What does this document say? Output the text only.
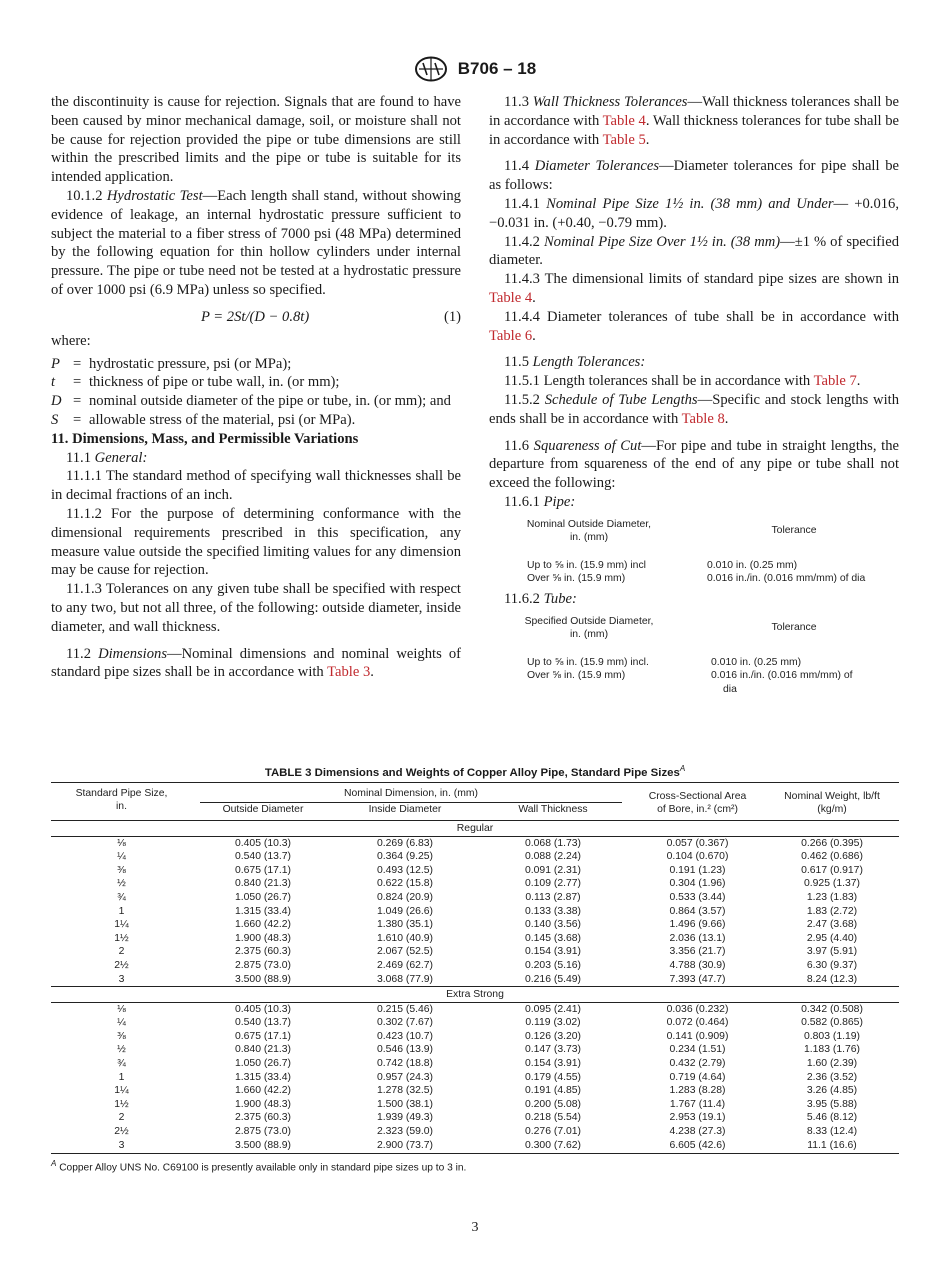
B706 – 18

the discontinuity is cause for rejection. Signals that are found to have been caused by minor mechanical damage, soil, or moisture shall not be cause for rejection provided the pipe or tube dimensions are still within the prescribed limits and the pipe or tube is suitable for its intended application.

10.1.2 Hydrostatic Test—Each length shall stand, without showing evidence of leakage, an internal hydrostatic pressure sufficient to subject the material to a fiber stress of 7000 psi (48 MPa) determined by the following equation for thin hollow cylinders under internal pressure. The pipe or tube need not be tested at a hydrostatic pressure of over 1000 psi (6.9 MPa) unless so specified.

P = 2St/(D − 0.8t)	(1)

where:

P = hydrostatic pressure, psi (or MPa);
t	= thickness of pipe or tube wall, in. (or mm);
D = nominal outside diameter of the pipe or tube, in. (or mm); and
S	= allowable stress of the material, psi (or MPa).

11. Dimensions, Mass, and Permissible Variations

11.1 General:

11.1.1 The standard method of specifying wall thicknesses shall be in decimal fractions of an inch.

11.1.2 For the purpose of determining conformance with the dimensional requirements prescribed in this specification, any measure value outside the specified limiting values for any dimension may be cause for rejection.

11.1.3 Tolerances on any given tube shall be specified with respect to any two, but not all three, of the following: outside diameter, inside diameter, and wall thickness.

11.2 Dimensions—Nominal dimensions and nominal weights of standard pipe sizes shall be in accordance with Table 3.

11.3 Wall Thickness Tolerances—Wall thickness tolerances shall be in accordance with Table 4. Wall thickness tolerances for tube shall be in accordance with Table 5.

11.4 Diameter Tolerances—Diameter tolerances for pipe shall be as follows:

11.4.1 Nominal Pipe Size 1½ in. (38 mm) and Under— +0.016, −0.031 in. (+0.40, −0.79 mm).

11.4.2 Nominal Pipe Size Over 1½ in. (38 mm)—±1 % of specified diameter.

11.4.3 The dimensional limits of standard pipe sizes are shown in Table 4.

11.4.4 Diameter tolerances of tube shall be in accordance with Table 6.

11.5 Length Tolerances:

11.5.1 Length tolerances shall be in accordance with Table 7.

11.5.2 Schedule of Tube Lengths—Specific and stock lengths with ends shall be in accordance with Table 8.

11.6 Squareness of Cut—For pipe and tube in straight lengths, the departure from squareness of the end of any pipe or tube shall not exceed the following:

11.6.1 Pipe:

Nominal Outside Diameter,
in. (mm)
Tolerance
Up to ⅝ in. (15.9 mm) incl	0.010 in. (0.25 mm)
Over ⅝ in. (15.9 mm)	0.016 in./in. (0.016 mm/mm) of dia

11.6.2 Tube:

Specified Outside Diameter,
in. (mm)
Tolerance
Up to ⅝ in. (15.9 mm) incl.	0.010 in. (0.25 mm)
Over ⅝ in. (15.9 mm)	0.016 in./in. (0.016 mm/mm) of
dia
TABLE 3 Dimensions and Weights of Copper Alloy Pipe, Standard Pipe Sizes$^A$
Standard Pipe Size,
in.	Nominal Dimension, in. (mm)			Cross-Sectional Area
of Bore, in.² (cm²)	Nominal Weight, lb/ft
(kg/m)
	Outside Diameter	Inside Diameter	Wall Thickness		
Regular					
⅛	0.405 (10.3)	0.269 (6.83)	0.068 (1.73)	0.057 (0.367)	0.266 (0.395)
¼	0.540 (13.7)	0.364 (9.25)	0.088 (2.24)	0.104 (0.670)	0.462 (0.686)
⅜	0.675 (17.1)	0.493 (12.5)	0.091 (2.31)	0.191 (1.23)	0.617 (0.917)
½	0.840 (21.3)	0.622 (15.8)	0.109 (2.77)	0.304 (1.96)	0.925 (1.37)
¾	1.050 (26.7)	0.824 (20.9)	0.113 (2.87)	0.533 (3.44)	1.23 (1.83)
1	1.315 (33.4)	1.049 (26.6)	0.133 (3.38)	0.864 (3.57)	1.83 (2.72)
1¼	1.660 (42.2)	1.380 (35.1)	0.140 (3.56)	1.496 (9.66)	2.47 (3.68)
1½	1.900 (48.3)	1.610 (40.9)	0.145 (3.68)	2.036 (13.1)	2.95 (4.40)
2	2.375 (60.3)	2.067 (52.5)	0.154 (3.91)	3.356 (21.7)	3.97 (5.91)
2½	2.875 (73.0)	2.469 (62.7)	0.203 (5.16)	4.788 (30.9)	6.30 (9.37)
3	3.500 (88.9)	3.068 (77.9)	0.216 (5.49)	7.393 (47.7)	8.24 (12.3)
Extra Strong					
⅛	0.405 (10.3)	0.215 (5.46)	0.095 (2.41)	0.036 (0.232)	0.342 (0.508)
¼	0.540 (13.7)	0.302 (7.67)	0.119 (3.02)	0.072 (0.464)	0.582 (0.865)
⅜	0.675 (17.1)	0.423 (10.7)	0.126 (3.20)	0.141 (0.909)	0.803 (1.19)
½	0.840 (21.3)	0.546 (13.9)	0.147 (3.73)	0.234 (1.51)	1.183 (1.76)
¾	1.050 (26.7)	0.742 (18.8)	0.154 (3.91)	0.432 (2.79)	1.60 (2.39)
1	1.315 (33.4)	0.957 (24.3)	0.179 (4.55)	0.719 (4.64)	2.36 (3.52)
1¼	1.660 (42.2)	1.278 (32.5)	0.191 (4.85)	1.283 (8.28)	3.26 (4.85)
1½	1.900 (48.3)	1.500 (38.1)	0.200 (5.08)	1.767 (11.4)	3.95 (5.88)
2	2.375 (60.3)	1.939 (49.3)	0.218 (5.54)	2.953 (19.1)	5.46 (8.12)
2½	2.875 (73.0)	2.323 (59.0)	0.276 (7.01)	4.238 (27.3)	8.33 (12.4)
3	3.500 (88.9)	2.900 (73.7)	0.300 (7.62)	6.605 (42.6)	11.1 (16.6)
$^A$ Copper Alloy UNS No. C69100 is presently available only in standard pipe sizes up to 3 in.
3
